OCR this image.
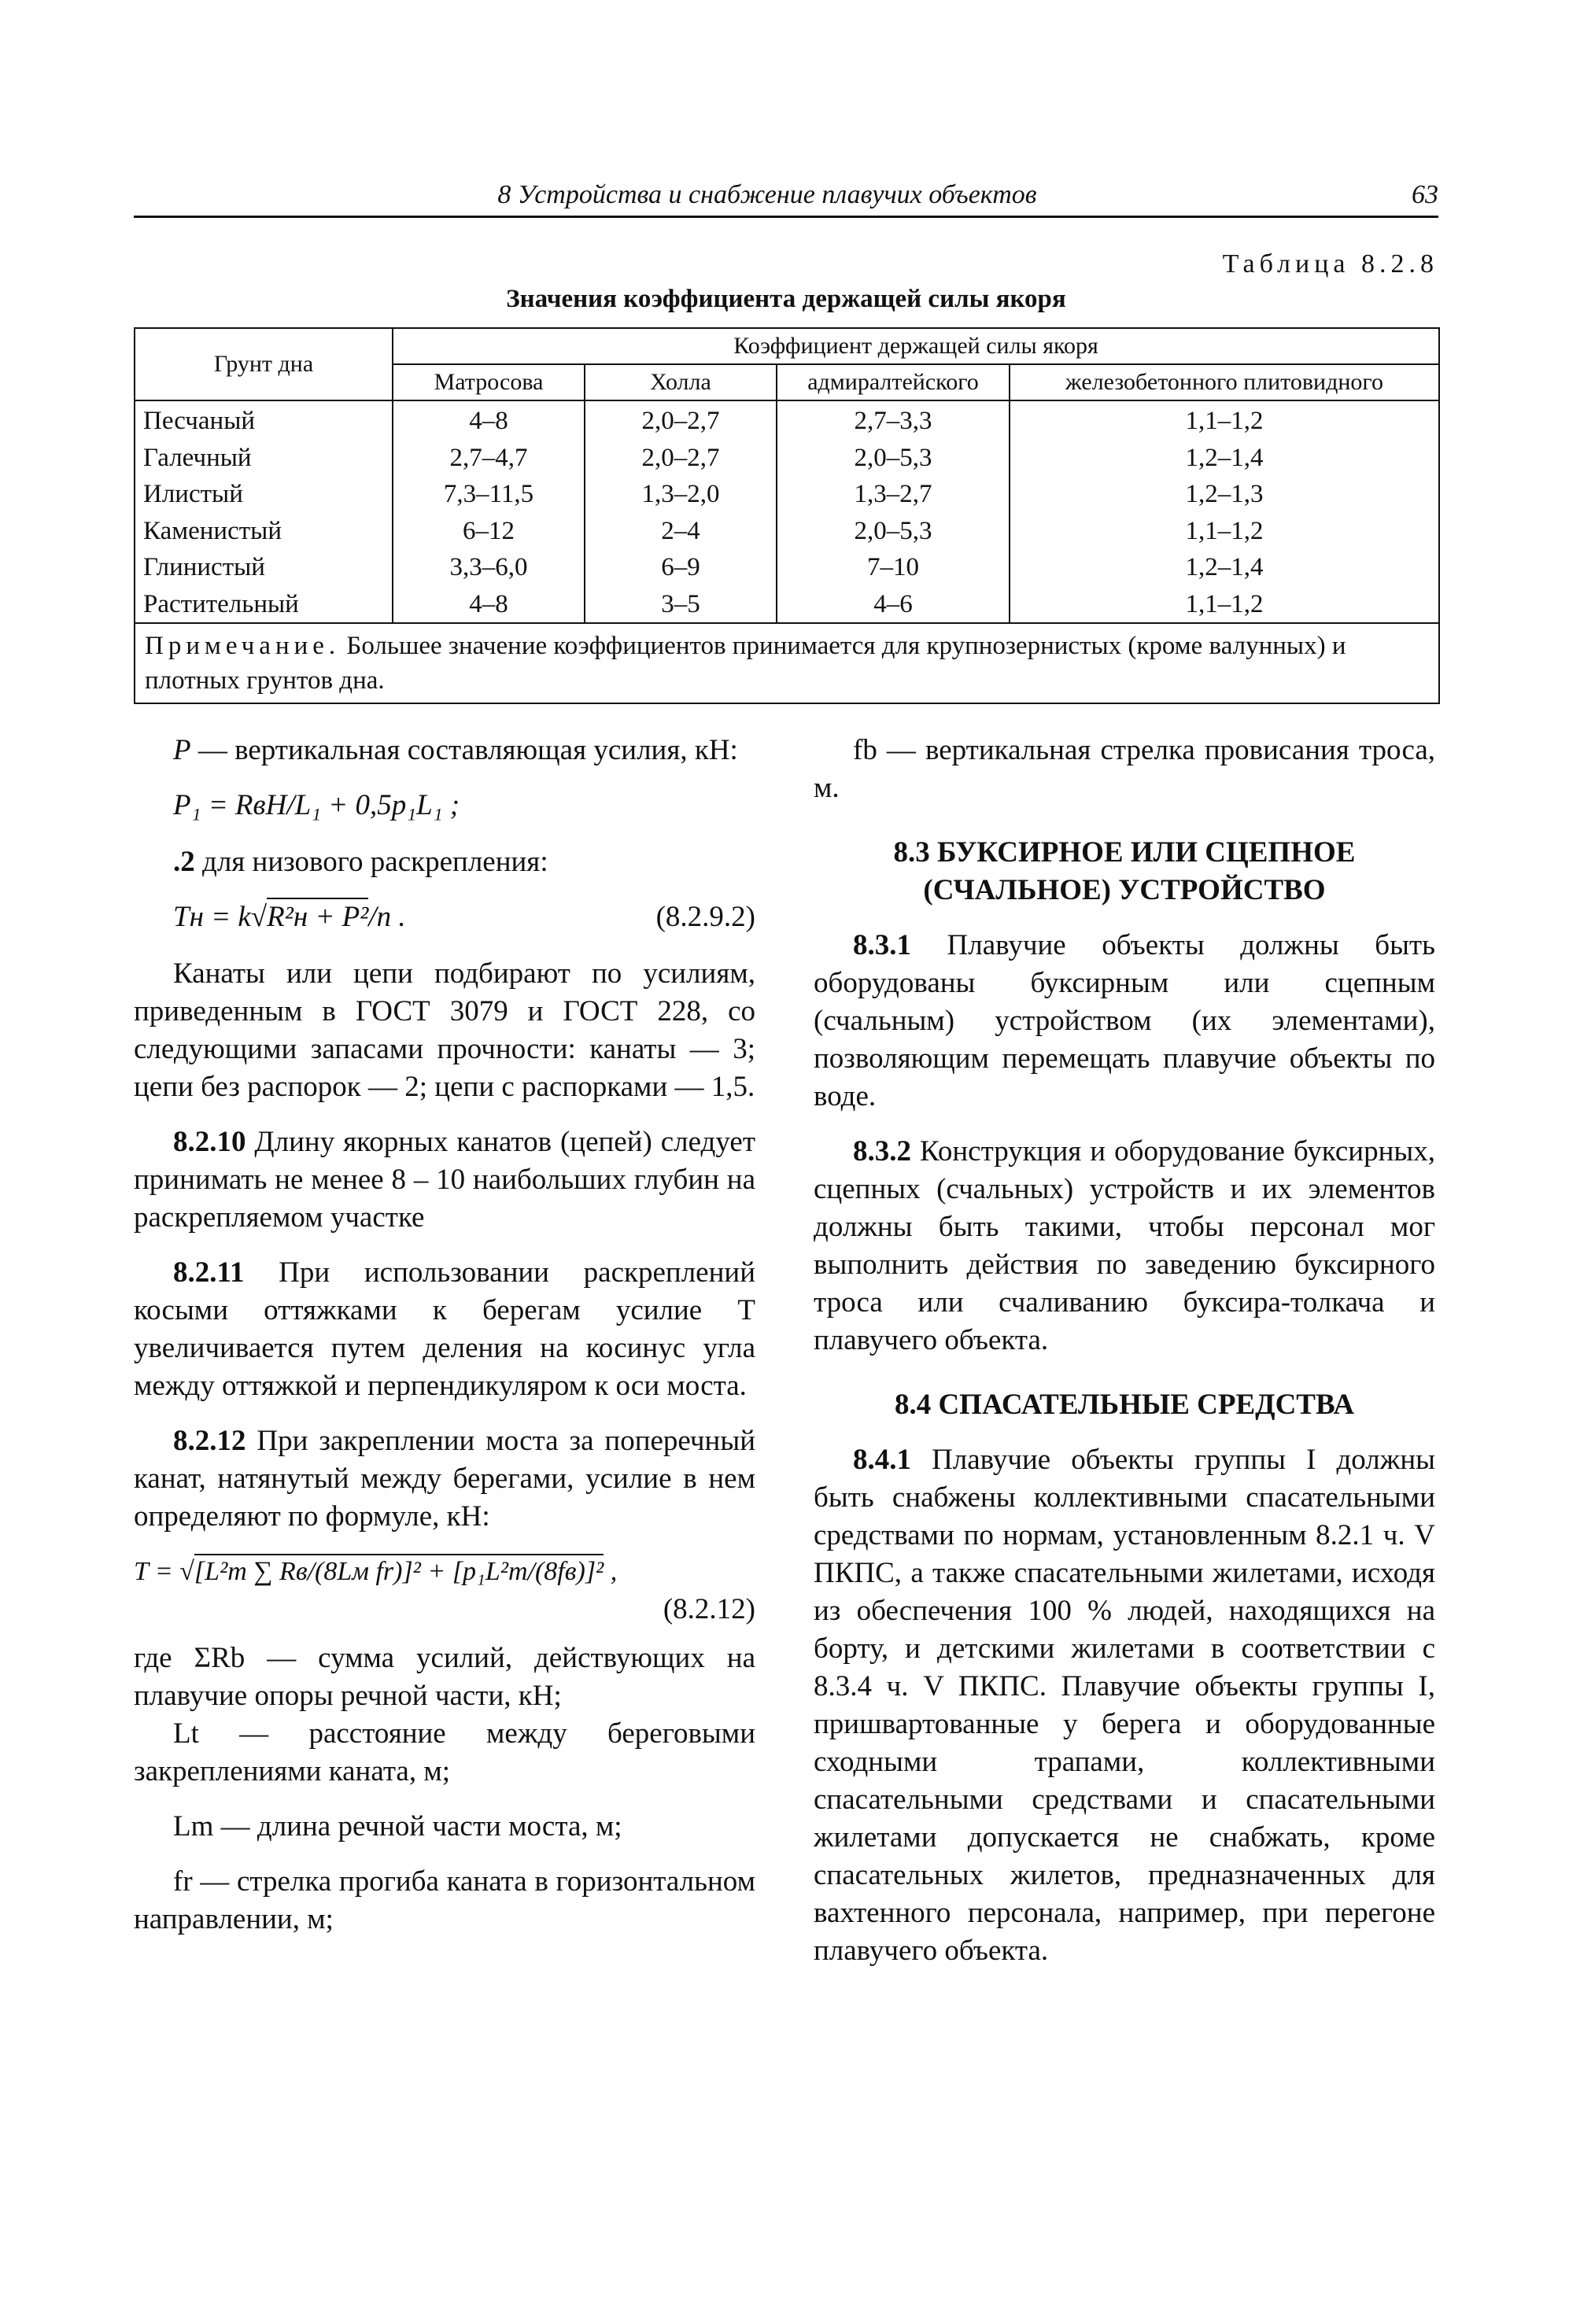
8 Устройства и снабжение плавучих объектов	63
Таблица 8.2.8
Значения коэффициента держащей силы якоря
Грунт дна	Коэффициент держащей силы якоря			
	Матросова	Холла	адмиралтейского	железобетонного плитовидного
Песчаный	4–8	2,0–2,7	2,7–3,3	1,1–1,2
Галечный	2,7–4,7	2,0–2,7	2,0–5,3	1,2–1,4
Илистый	7,3–11,5	1,3–2,0	1,3–2,7	1,2–1,3
Каменистый	6–12	2–4	2,0–5,3	1,1–1,2
Глинистый	3,3–6,0	6–9	7–10	1,2–1,4
Растительный	4–8	3–5	4–6	1,1–1,2
Примечание. Большее значение коэффициентов принимается для крупнозернистых (кроме валунных) и плотных грунтов дна.				

P — вертикальная составляющая усилия, кН:

P₁ = RвH/L₁ + 0,5p₁L₁ ;

.2 для низового раскрепления:

Tн = k√R²н + P²/n .	(8.2.9.2)

Канаты или цепи подбирают по усилиям, приведенным в ГОСТ 3079 и ГОСТ 228, со следующими запасами прочности: канаты — 3; цепи без распорок — 2; цепи с распорками — 1,5.

8.2.10 Длину якорных канатов (цепей) следует принимать не менее 8 – 10 наибольших глубин на раскрепляемом участке

8.2.11 При использовании раскреплений косыми оттяжками к берегам усилие T увеличивается путем деления на косинус угла между оттяжкой и перпендикуляром к оси моста.

8.2.12 При закреплении моста за поперечный канат, натянутый между берегами, усилие в нем определяют по формуле, кН:

T = √[L²т ∑ Rв/(8Lм fr)]² + [p₁L²т/(8fв)]² ,
(8.2.12)

где ΣRb — сумма усилий, действующих на плавучие опоры речной части, кН;

Lt — расстояние между береговыми закреплениями каната, м;

Lm — длина речной части моста, м;

fr — стрелка прогиба каната в горизонтальном направлении, м;

fb — вертикальная стрелка провисания троса, м.

8.3 БУКСИРНОЕ ИЛИ СЦЕПНОЕ (СЧАЛЬНОЕ) УСТРОЙСТВО

8.3.1 Плавучие объекты должны быть оборудованы буксирным или сцепным (счальным) устройством (их элементами), позволяющим перемещать плавучие объекты по воде.

8.3.2 Конструкция и оборудование буксирных, сцепных (счальных) устройств и их элементов должны быть такими, чтобы персонал мог выполнить действия по заведению буксирного троса или счаливанию буксира-толкача и плавучего объекта.

8.4 СПАСАТЕЛЬНЫЕ СРЕДСТВА

8.4.1 Плавучие объекты группы I должны быть снабжены коллективными спасательными средствами по нормам, установленным 8.2.1 ч. V ПКПС, а также спасательными жилетами, исходя из обеспечения 100 % людей, находящихся на борту, и детскими жилетами в соответствии с 8.3.4 ч. V ПКПС. Плавучие объекты группы I, пришвартованные у берега и оборудованные сходными трапами, коллективными спасательными средствами и спасательными жилетами допускается не снабжать, кроме спасательных жилетов, предназначенных для вахтенного персонала, например, при перегоне плавучего объекта.
